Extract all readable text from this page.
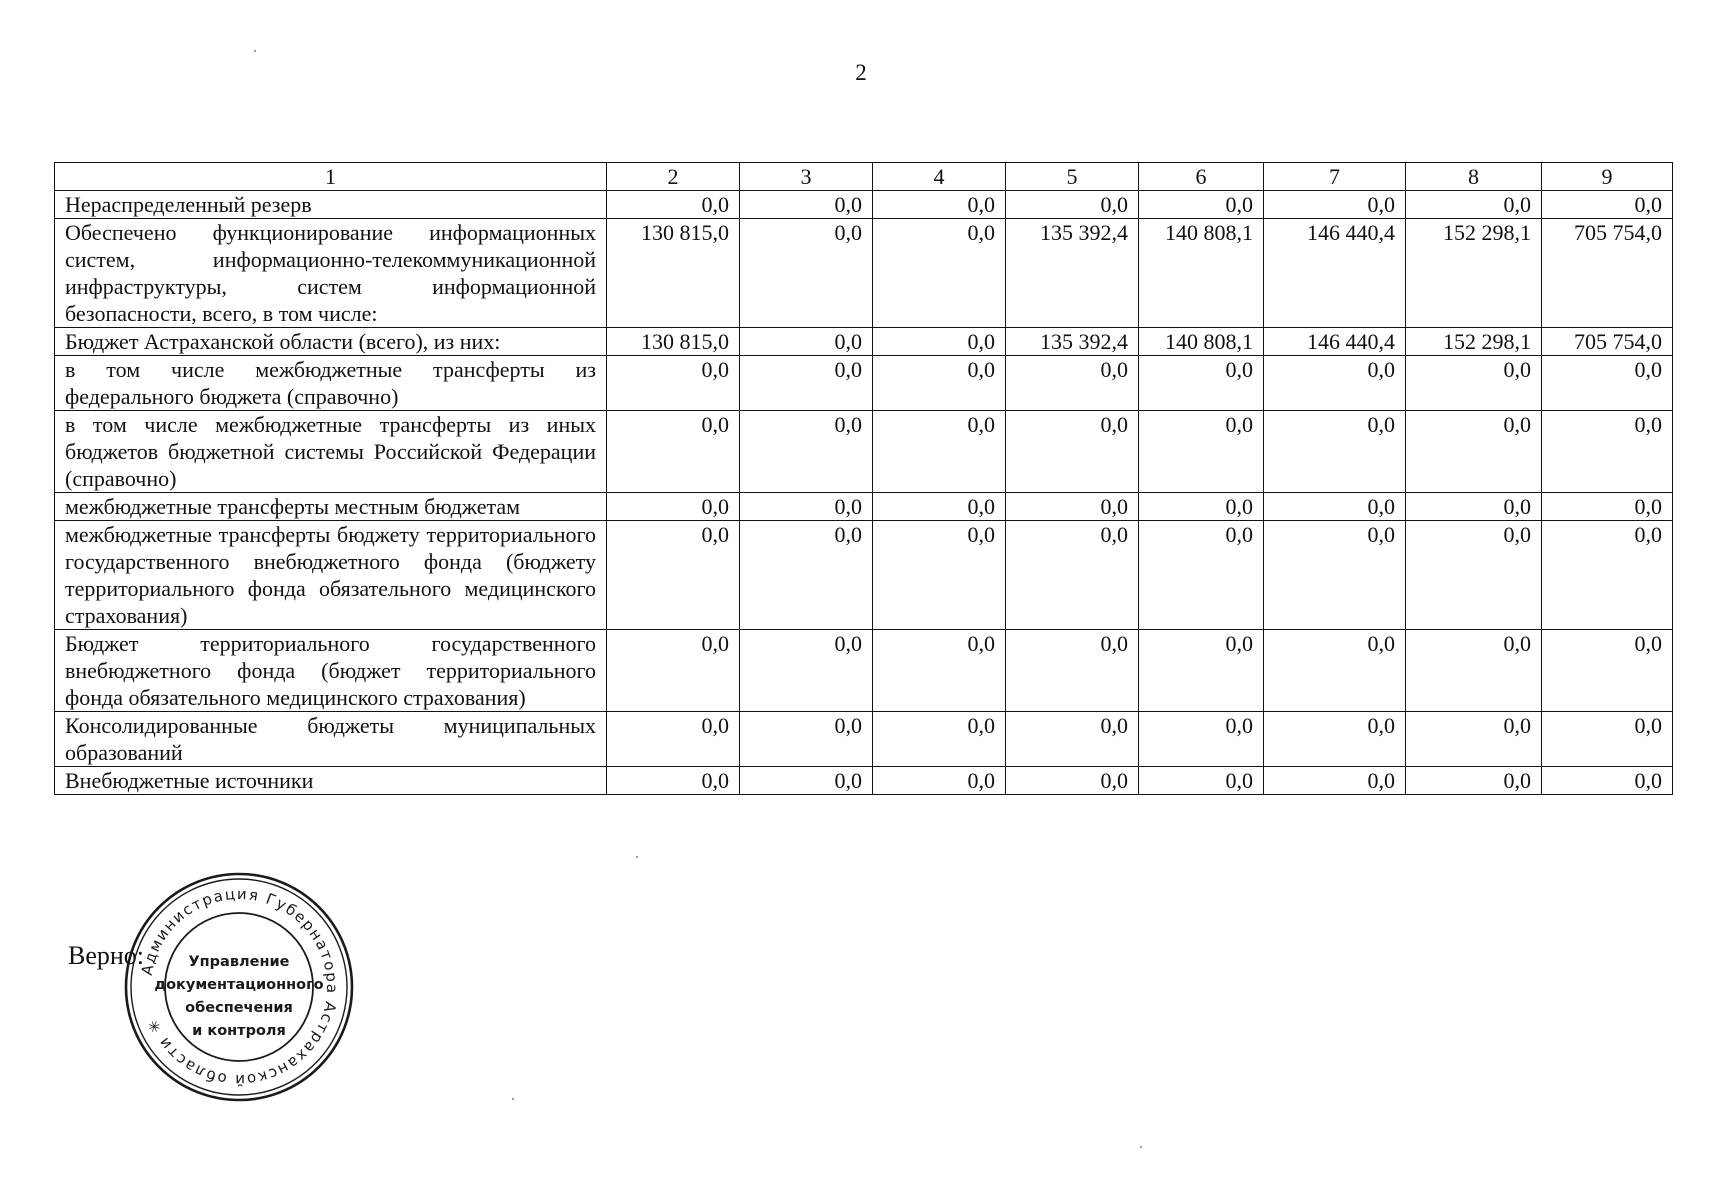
2
1	2	3	4	5	6	7	8	9
Нераспределенный резерв	0,0	0,0	0,0	0,0	0,0	0,0	0,0	0,0
Обеспечено функционирование информационных систем, информационно-телекоммуникационной инфраструктуры, систем информационной безопасности, всего, в том числе:	130 815,0	0,0	0,0	135 392,4	140 808,1	146 440,4	152 298,1	705 754,0
Бюджет Астраханской области (всего), из них:	130 815,0	0,0	0,0	135 392,4	140 808,1	146 440,4	152 298,1	705 754,0
в том числе межбюджетные трансферты из федерального бюджета (справочно)	0,0	0,0	0,0	0,0	0,0	0,0	0,0	0,0
в том числе межбюджетные трансферты из иных бюджетов бюджетной системы Российской Федерации (справочно)	0,0	0,0	0,0	0,0	0,0	0,0	0,0	0,0
межбюджетные трансферты местным бюджетам	0,0	0,0	0,0	0,0	0,0	0,0	0,0	0,0
межбюджетные трансферты бюджету территориального государственного внебюджетного фонда (бюджету территориального фонда обязательного медицинского страхования)	0,0	0,0	0,0	0,0	0,0	0,0	0,0	0,0
Бюджет территориального государственного внебюджетного фонда (бюджет территориального фонда обязательного медицинского страхования)	0,0	0,0	0,0	0,0	0,0	0,0	0,0	0,0
Консолидированные бюджеты муниципальных образований	0,0	0,0	0,0	0,0	0,0	0,0	0,0	0,0
Внебюджетные источники	0,0	0,0	0,0	0,0	0,0	0,0	0,0	0,0
Верно:
Администрация Губернатора Астраханской области ✳
Управление
документационного
обеспечения
и контроля
